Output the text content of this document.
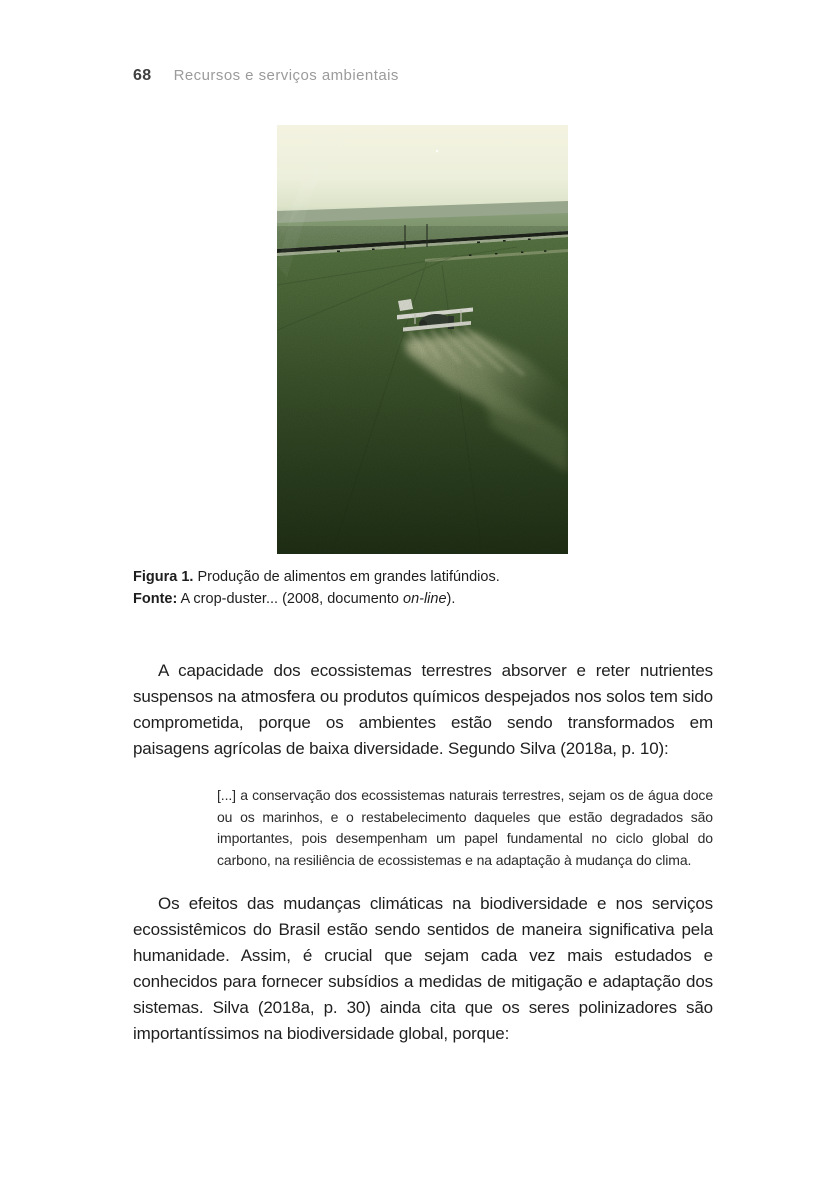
68 Recursos e serviços ambientais
Figura 1. Produção de alimentos em grandes latifúndios.
Fonte: A crop-duster... (2008, documento on-line).

A capacidade dos ecossistemas terrestres absorver e reter nutrientes suspensos na atmosfera ou produtos químicos despejados nos solos tem sido comprometida, porque os ambientes estão sendo transformados em paisagens agrícolas de baixa diversidade. Segundo Silva (2018a, p. 10):

[...] a conservação dos ecossistemas naturais terrestres, sejam os de água doce ou os marinhos, e o restabelecimento daqueles que estão degradados são importantes, pois desempenham um papel fundamental no ciclo global do carbono, na resiliência de ecossistemas e na adaptação à mudança do clima.

Os efeitos das mudanças climáticas na biodiversidade e nos serviços ecossistêmicos do Brasil estão sendo sentidos de maneira significativa pela humanidade. Assim, é crucial que sejam cada vez mais estudados e conhecidos para fornecer subsídios a medidas de mitigação e adaptação dos sistemas. Silva (2018a, p. 30) ainda cita que os seres polinizadores são importantíssimos na biodiversidade global, porque:
